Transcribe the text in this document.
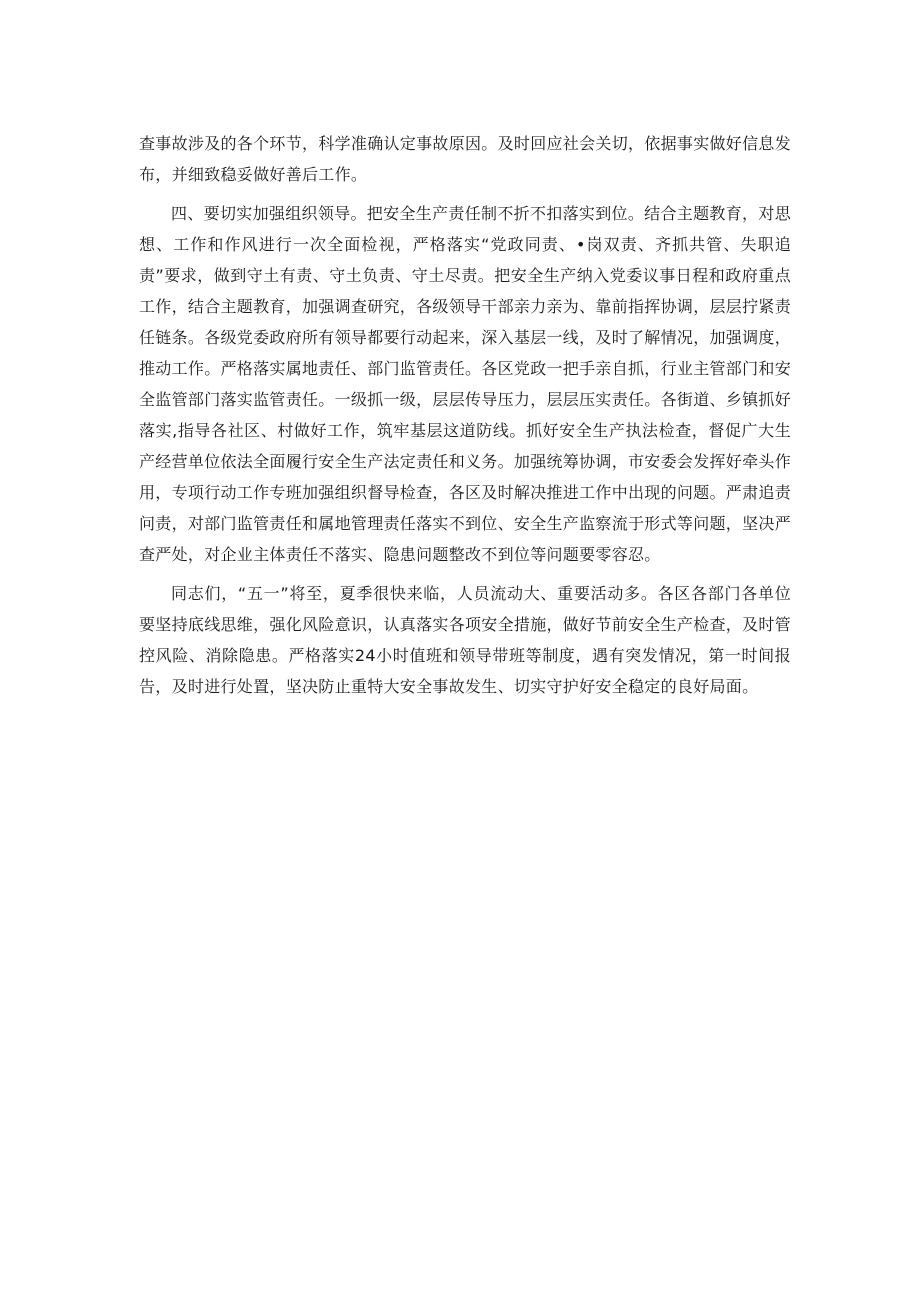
查事故涉及的各个环节，科学准确认定事故原因。及时回应社会关切，依据事实做好信息发布，并细致稳妥做好善后工作。

四、要切实加强组织领导。把安全生产责任制不折不扣落实到位。结合主题教育，对思想、工作和作风进行一次全面检视，严格落实“党政同责、•岗双责、齐抓共管、失职追责”要求，做到守土有责、守土负责、守土尽责。把安全生产纳入党委议事日程和政府重点工作，结合主题教育，加强调查研究，各级领导干部亲力亲为、靠前指挥协调，层层拧紧责任链条。各级党委政府所有领导都要行动起来，深入基层一线，及时了解情况，加强调度，推动工作。严格落实属地责任、部门监管责任。各区党政一把手亲自抓，行业主管部门和安全监管部门落实监管责任。一级抓一级，层层传导压力，层层压实责任。各街道、乡镇抓好落实,指导各社区、村做好工作，筑牢基层这道防线。抓好安全生产执法检查，督促广大生产经营单位依法全面履行安全生产法定责任和义务。加强统筹协调，市安委会发挥好牵头作用，专项行动工作专班加强组织督导检查，各区及时解决推进工作中出现的问题。严肃追责问责，对部门监管责任和属地管理责任落实不到位、安全生产监察流于形式等问题，坚决严查严处，对企业主体责任不落实、隐患问题整改不到位等问题要零容忍。

同志们，“五一”将至，夏季很快来临，人员流动大、重要活动多。各区各部门各单位要坚持底线思维，强化风险意识，认真落实各项安全措施，做好节前安全生产检查，及时管控风险、消除隐患。严格落实24小时值班和领导带班等制度，遇有突发情况，第一时间报告，及时进行处置，坚决防止重特大安全事故发生、切实守护好安全稳定的良好局面。
